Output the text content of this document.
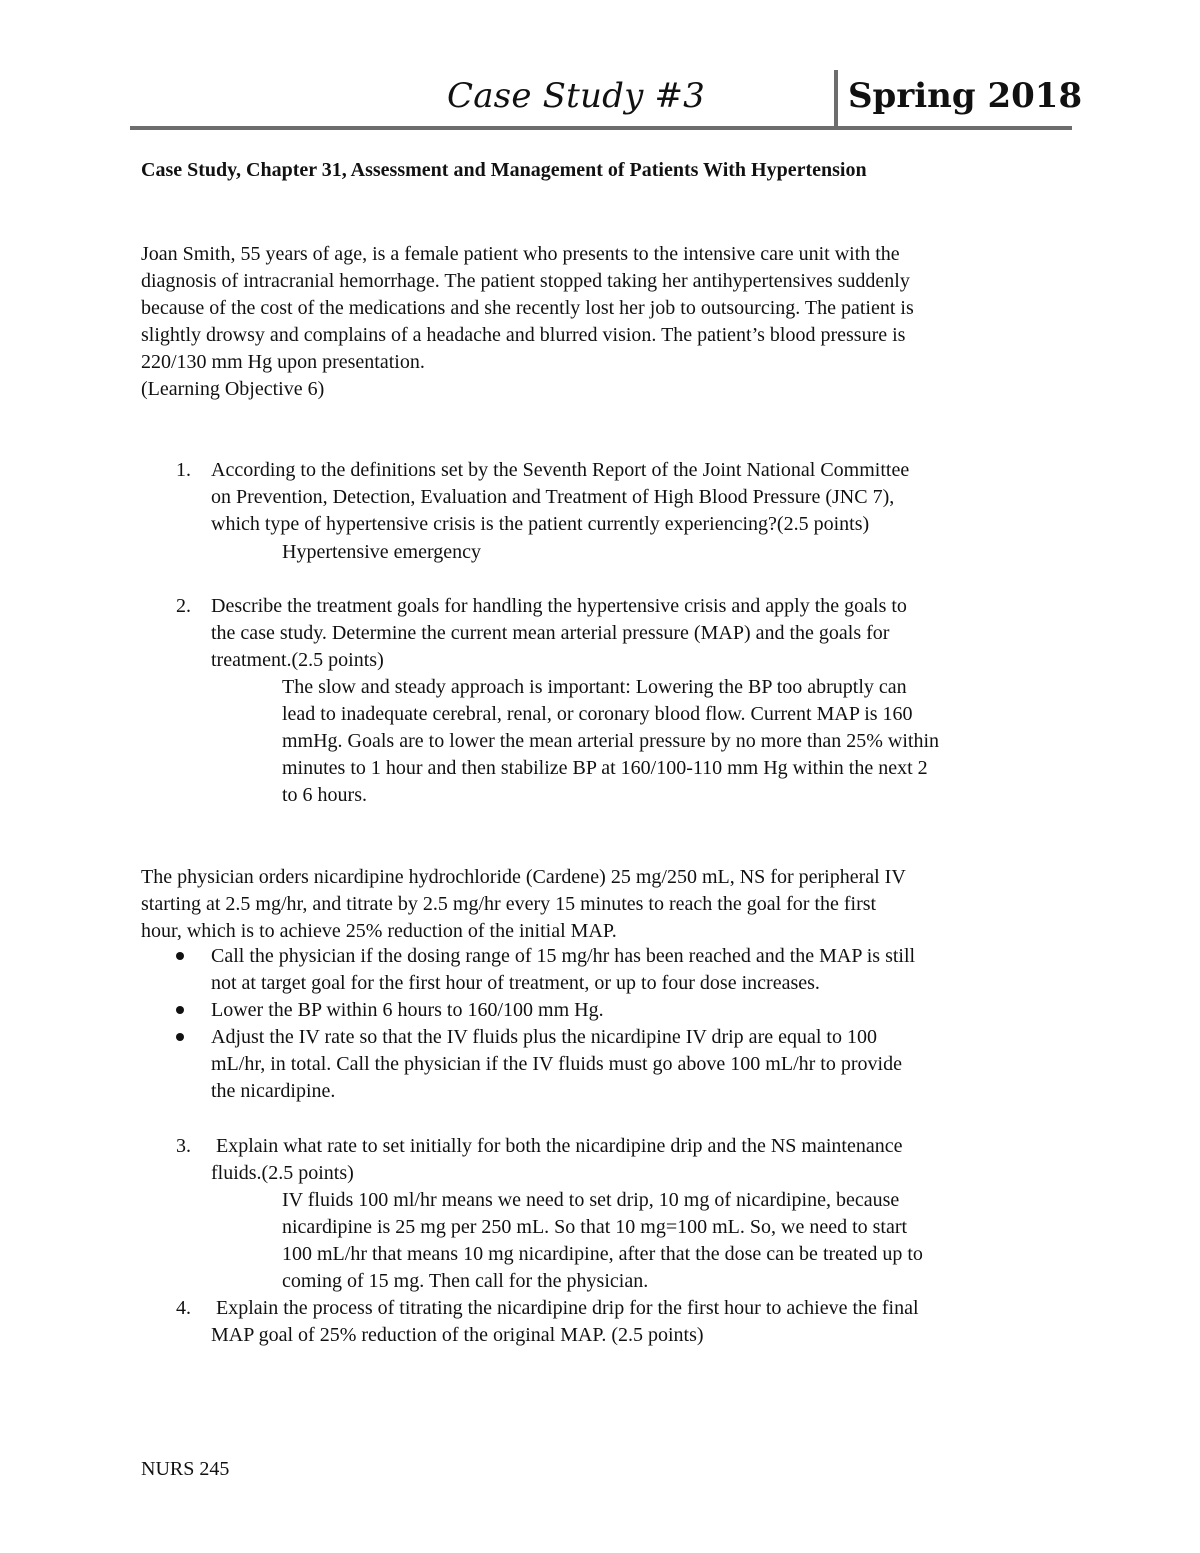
Case Study #3	Spring 2018
Case Study, Chapter 31, Assessment and Management of Patients With Hypertension
Joan Smith, 55 years of age, is a female patient who presents to the intensive care unit with the
diagnosis of intracranial hemorrhage. The patient stopped taking her antihypertensives suddenly
because of the cost of the medications and she recently lost her job to outsourcing. The patient is
slightly drowsy and complains of a headache and blurred vision. The patient’s blood pressure is
220/130 mm Hg upon presentation.
(Learning Objective 6)
1. According to the definitions set by the Seventh Report of the Joint National Committee
on Prevention, Detection, Evaluation and Treatment of High Blood Pressure (JNC 7),
which type of hypertensive crisis is the patient currently experiencing?(2.5 points)
Hypertensive emergency
2. Describe the treatment goals for handling the hypertensive crisis and apply the goals to
the case study. Determine the current mean arterial pressure (MAP) and the goals for
treatment.(2.5 points)
The slow and steady approach is important: Lowering the BP too abruptly can
lead to inadequate cerebral, renal, or coronary blood flow. Current MAP is 160
mmHg. Goals are to lower the mean arterial pressure by no more than 25% within
minutes to 1 hour and then stabilize BP at 160/100-110 mm Hg within the next 2
to 6 hours.
The physician orders nicardipine hydrochloride (Cardene) 25 mg/250 mL, NS for peripheral IV
starting at 2.5 mg/hr, and titrate by 2.5 mg/hr every 15 minutes to reach the goal for the first
hour, which is to achieve 25% reduction of the initial MAP.
Call the physician if the dosing range of 15 mg/hr has been reached and the MAP is still
not at target goal for the first hour of treatment, or up to four dose increases.
Lower the BP within 6 hours to 160/100 mm Hg.
Adjust the IV rate so that the IV fluids plus the nicardipine IV drip are equal to 100
mL/hr, in total. Call the physician if the IV fluids must go above 100 mL/hr to provide
the nicardipine.
3. Explain what rate to set initially for both the nicardipine drip and the NS maintenance
fluids.(2.5 points)
IV fluids 100 ml/hr means we need to set drip, 10 mg of nicardipine, because
nicardipine is 25 mg per 250 mL. So that 10 mg=100 mL. So, we need to start
100 mL/hr that means 10 mg nicardipine, after that the dose can be treated up to
coming of 15 mg. Then call for the physician.
4. Explain the process of titrating the nicardipine drip for the first hour to achieve the final
MAP goal of 25% reduction of the original MAP. (2.5 points)
NURS 245
